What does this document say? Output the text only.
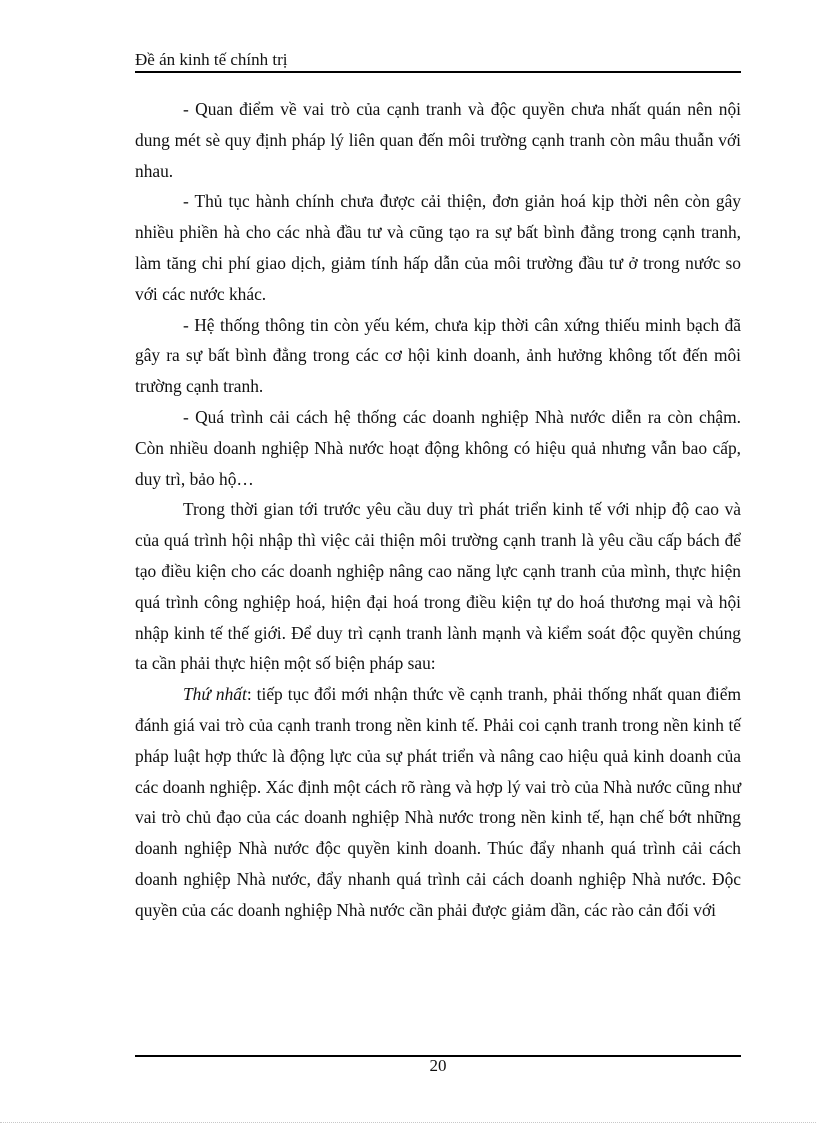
Đề án kinh tế chính trị

- Quan điểm về vai trò của cạnh tranh và độc quyền chưa nhất quán nên nội dung mét sè quy định pháp lý liên quan đến môi trường cạnh tranh còn mâu thuẫn với nhau.

- Thủ tục hành chính chưa được cải thiện, đơn giản hoá kịp thời nên còn gây nhiều phiền hà cho các nhà đầu tư và cũng tạo ra sự bất bình đẳng trong cạnh tranh, làm tăng chi phí giao dịch, giảm tính hấp dẫn của môi trường đầu tư ở trong nước so với các nước khác.

- Hệ thống thông tin còn yếu kém, chưa kịp thời cân xứng thiếu minh bạch đã gây ra sự bất bình đẳng trong các cơ hội kinh doanh, ảnh hưởng không tốt đến môi trường cạnh tranh.

- Quá trình cải cách hệ thống các doanh nghiệp Nhà nước diễn ra còn chậm. Còn nhiều doanh nghiệp Nhà nước hoạt động không có hiệu quả nhưng vẫn bao cấp, duy trì, bảo hộ…

Trong thời gian tới trước yêu cầu duy trì phát triển kinh tế với nhịp độ cao và của quá trình hội nhập thì việc cải thiện môi trường cạnh tranh là yêu cầu cấp bách để tạo điều kiện cho các doanh nghiệp nâng cao năng lực cạnh tranh của mình, thực hiện quá trình công nghiệp hoá, hiện đại hoá trong điều kiện tự do hoá thương mại và hội nhập kinh tế thế giới. Để duy trì cạnh tranh lành mạnh và kiểm soát độc quyền chúng ta cần phải thực hiện một số biện pháp sau:

Thứ nhất: tiếp tục đổi mới nhận thức về cạnh tranh, phải thống nhất quan điểm đánh giá vai trò của cạnh tranh trong nền kinh tế. Phải coi cạnh tranh trong nền kinh tế pháp luật hợp thức là động lực của sự phát triển và nâng cao hiệu quả kinh doanh của các doanh nghiệp. Xác định một cách rõ ràng và hợp lý vai trò của Nhà nước cũng như vai trò chủ đạo của các doanh nghiệp Nhà nước trong nền kinh tế, hạn chế bớt những doanh nghiệp Nhà nước độc quyền kinh doanh. Thúc đẩy nhanh quá trình cải cách doanh nghiệp Nhà nước, đẩy nhanh quá trình cải cách doanh nghiệp Nhà nước. Độc quyền của các doanh nghiệp Nhà nước cần phải được giảm dần, các rào cản đối với

20
